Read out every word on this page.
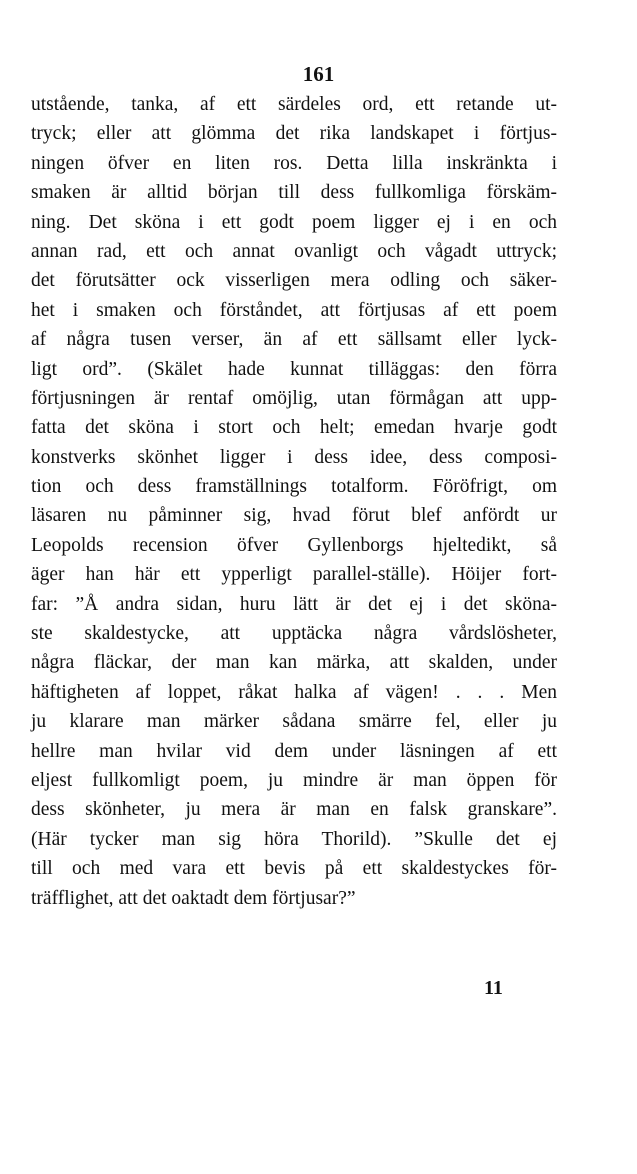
161
utstående, tanka, af ett särdeles ord, ett retande ut-
tryck; eller att glömma det rika landskapet i förtjus-
ningen öfver en liten ros. Detta lilla inskränkta i
smaken är alltid början till dess fullkomliga förskäm-
ning. Det sköna i ett godt poem ligger ej i en och
annan rad, ett och annat ovanligt och vågadt uttryck;
det förutsätter ock visserligen mera odling och säker-
het i smaken och förståndet, att förtjusas af ett poem
af några tusen verser, än af ett sällsamt eller lyck-
ligt ord”. (Skälet hade kunnat tilläggas: den förra
förtjusningen är rentaf omöjlig, utan förmågan att upp-
fatta det sköna i stort och helt; emedan hvarje godt
konstverks skönhet ligger i dess idee, dess composi-
tion och dess framställnings totalform. Föröfrigt, om
läsaren nu påminner sig, hvad förut blef anfördt ur
Leopolds recension öfver Gyllenborgs hjeltedikt, så
äger han här ett ypperligt parallel-ställe). Höijer fort-
far: ”Å andra sidan, huru lätt är det ej i det sköna-
ste skaldestycke, att upptäcka några vårdslösheter,
några fläckar, der man kan märka, att skalden, under
häftigheten af loppet, råkat halka af vägen! . . . Men
ju klarare man märker sådana smärre fel, eller ju
hellre man hvilar vid dem under läsningen af ett
eljest fullkomligt poem, ju mindre är man öppen för
dess skönheter, ju mera är man en falsk granskare”.
(Här tycker man sig höra Thorild). ”Skulle det ej
till och med vara ett bevis på ett skaldestyckes för-
träfflighet, att det oaktadt dem förtjusar?”
11
